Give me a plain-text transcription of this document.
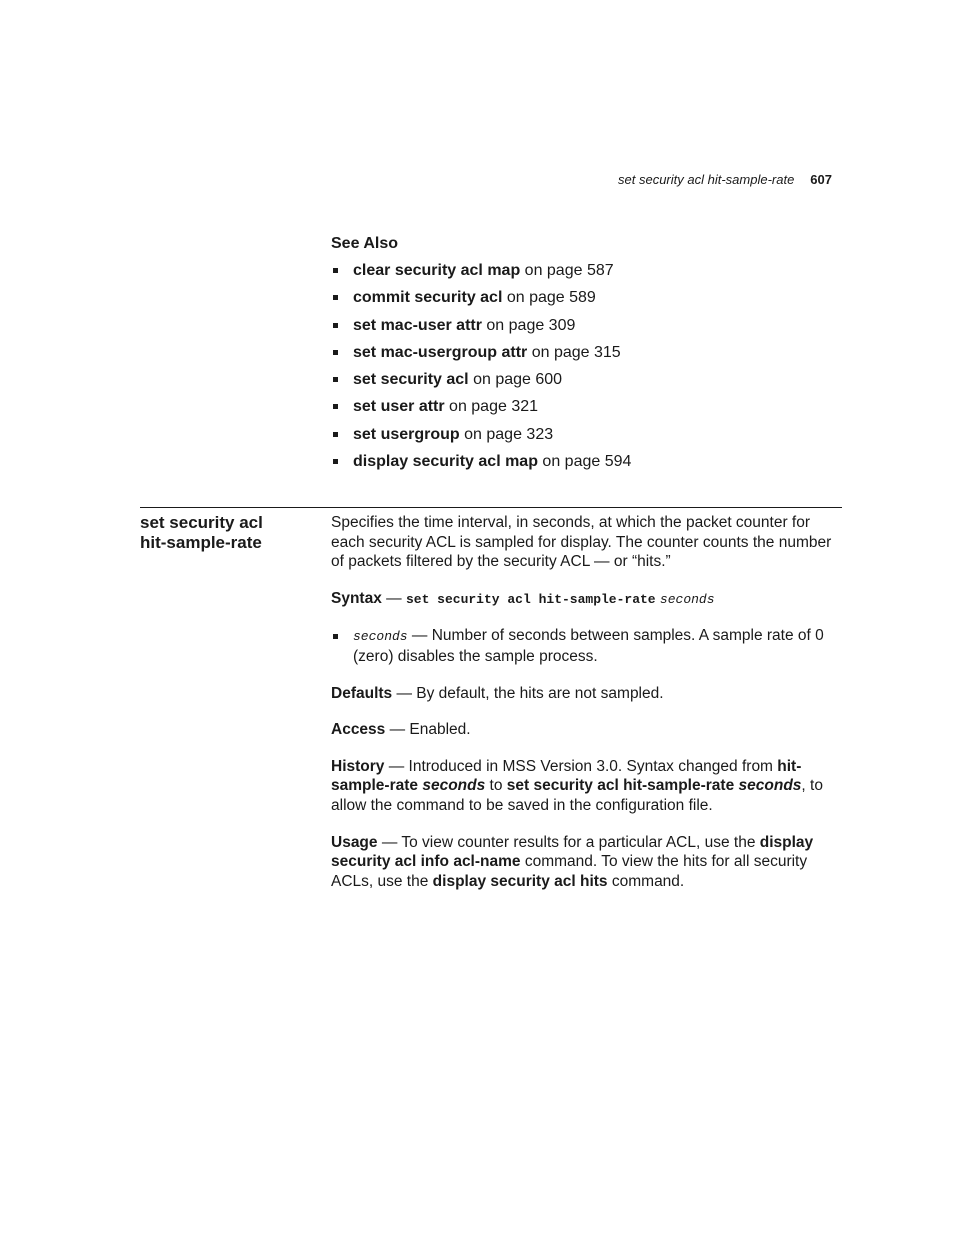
set security acl hit-sample-rate 607
See Also
clear security acl map on page 587
commit security acl on page 589
set mac-user attr on page 309
set mac-usergroup attr on page 315
set security acl on page 600
set user attr on page 321
set usergroup on page 323
display security acl map on page 594
set security acl
hit-sample-rate

Specifies the time interval, in seconds, at which the packet counter for each security ACL is sampled for display. The counter counts the number of packets filtered by the security ACL — or “hits.”

Syntax — set security acl hit-sample-rate seconds

seconds — Number of seconds between samples. A sample rate of 0 (zero) disables the sample process.

Defaults — By default, the hits are not sampled.

Access — Enabled.

History — Introduced in MSS Version 3.0. Syntax changed from hit-sample-rate seconds to set security acl hit-sample-rate seconds, to allow the command to be saved in the configuration file.

Usage — To view counter results for a particular ACL, use the display security acl info acl-name command. To view the hits for all security ACLs, use the display security acl hits command.
